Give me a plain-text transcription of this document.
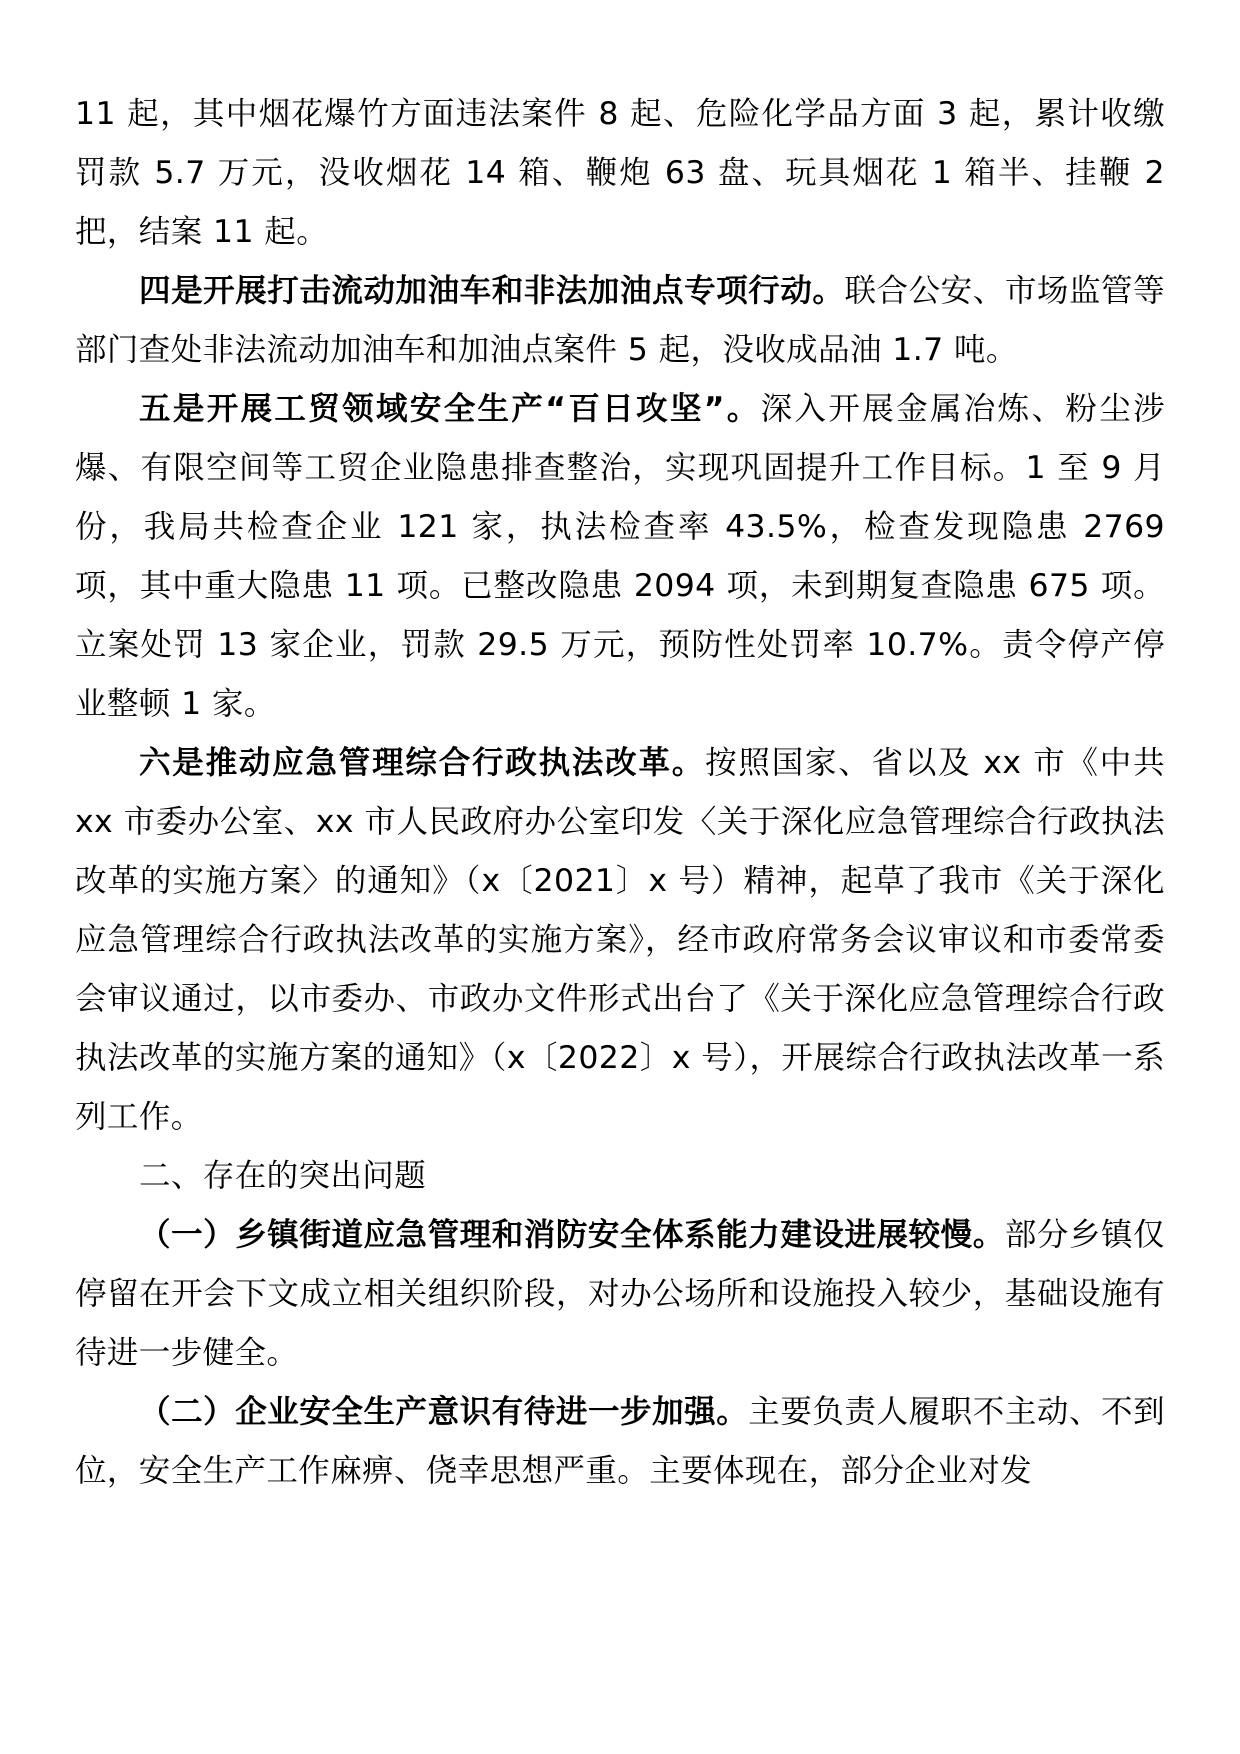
11 起，其中烟花爆竹方面违法案件 8 起、危险化学品方面 3 起，累计收缴罚款 5.7 万元，没收烟花 14 箱、鞭炮 63 盘、玩具烟花 1 箱半、挂鞭 2 把，结案 11 起。

四是开展打击流动加油车和非法加油点专项行动。联合公安、市场监管等部门查处非法流动加油车和加油点案件 5 起，没收成品油 1.7 吨。

五是开展工贸领域安全生产“百日攻坚”。深入开展金属冶炼、粉尘涉爆、有限空间等工贸企业隐患排查整治，实现巩固提升工作目标。1 至 9 月份，我局共检查企业 121 家，执法检查率 43.5%，检查发现隐患 2769 项，其中重大隐患 11 项。已整改隐患 2094 项，未到期复查隐患 675 项。立案处罚 13 家企业，罚款 29.5 万元，预防性处罚率 10.7%。责令停产停业整顿 1 家。

六是推动应急管理综合行政执法改革。按照国家、省以及 xx 市《中共 xx 市委办公室、xx 市人民政府办公室印发〈关于深化应急管理综合行政执法改革的实施方案〉的通知》（x〔2021〕x 号）精神，起草了我市《关于深化应急管理综合行政执法改革的实施方案》，经市政府常务会议审议和市委常委会审议通过，以市委办、市政办文件形式出台了《关于深化应急管理综合行政执法改革的实施方案的通知》（x〔2022〕x 号），开展综合行政执法改革一系列工作。

二、存在的突出问题

（一）乡镇街道应急管理和消防安全体系能力建设进展较慢。部分乡镇仅停留在开会下文成立相关组织阶段，对办公场所和设施投入较少，基础设施有待进一步健全。

（二）企业安全生产意识有待进一步加强。主要负责人履职不主动、不到位，安全生产工作麻痹、侥幸思想严重。主要体现在，部分企业对发
